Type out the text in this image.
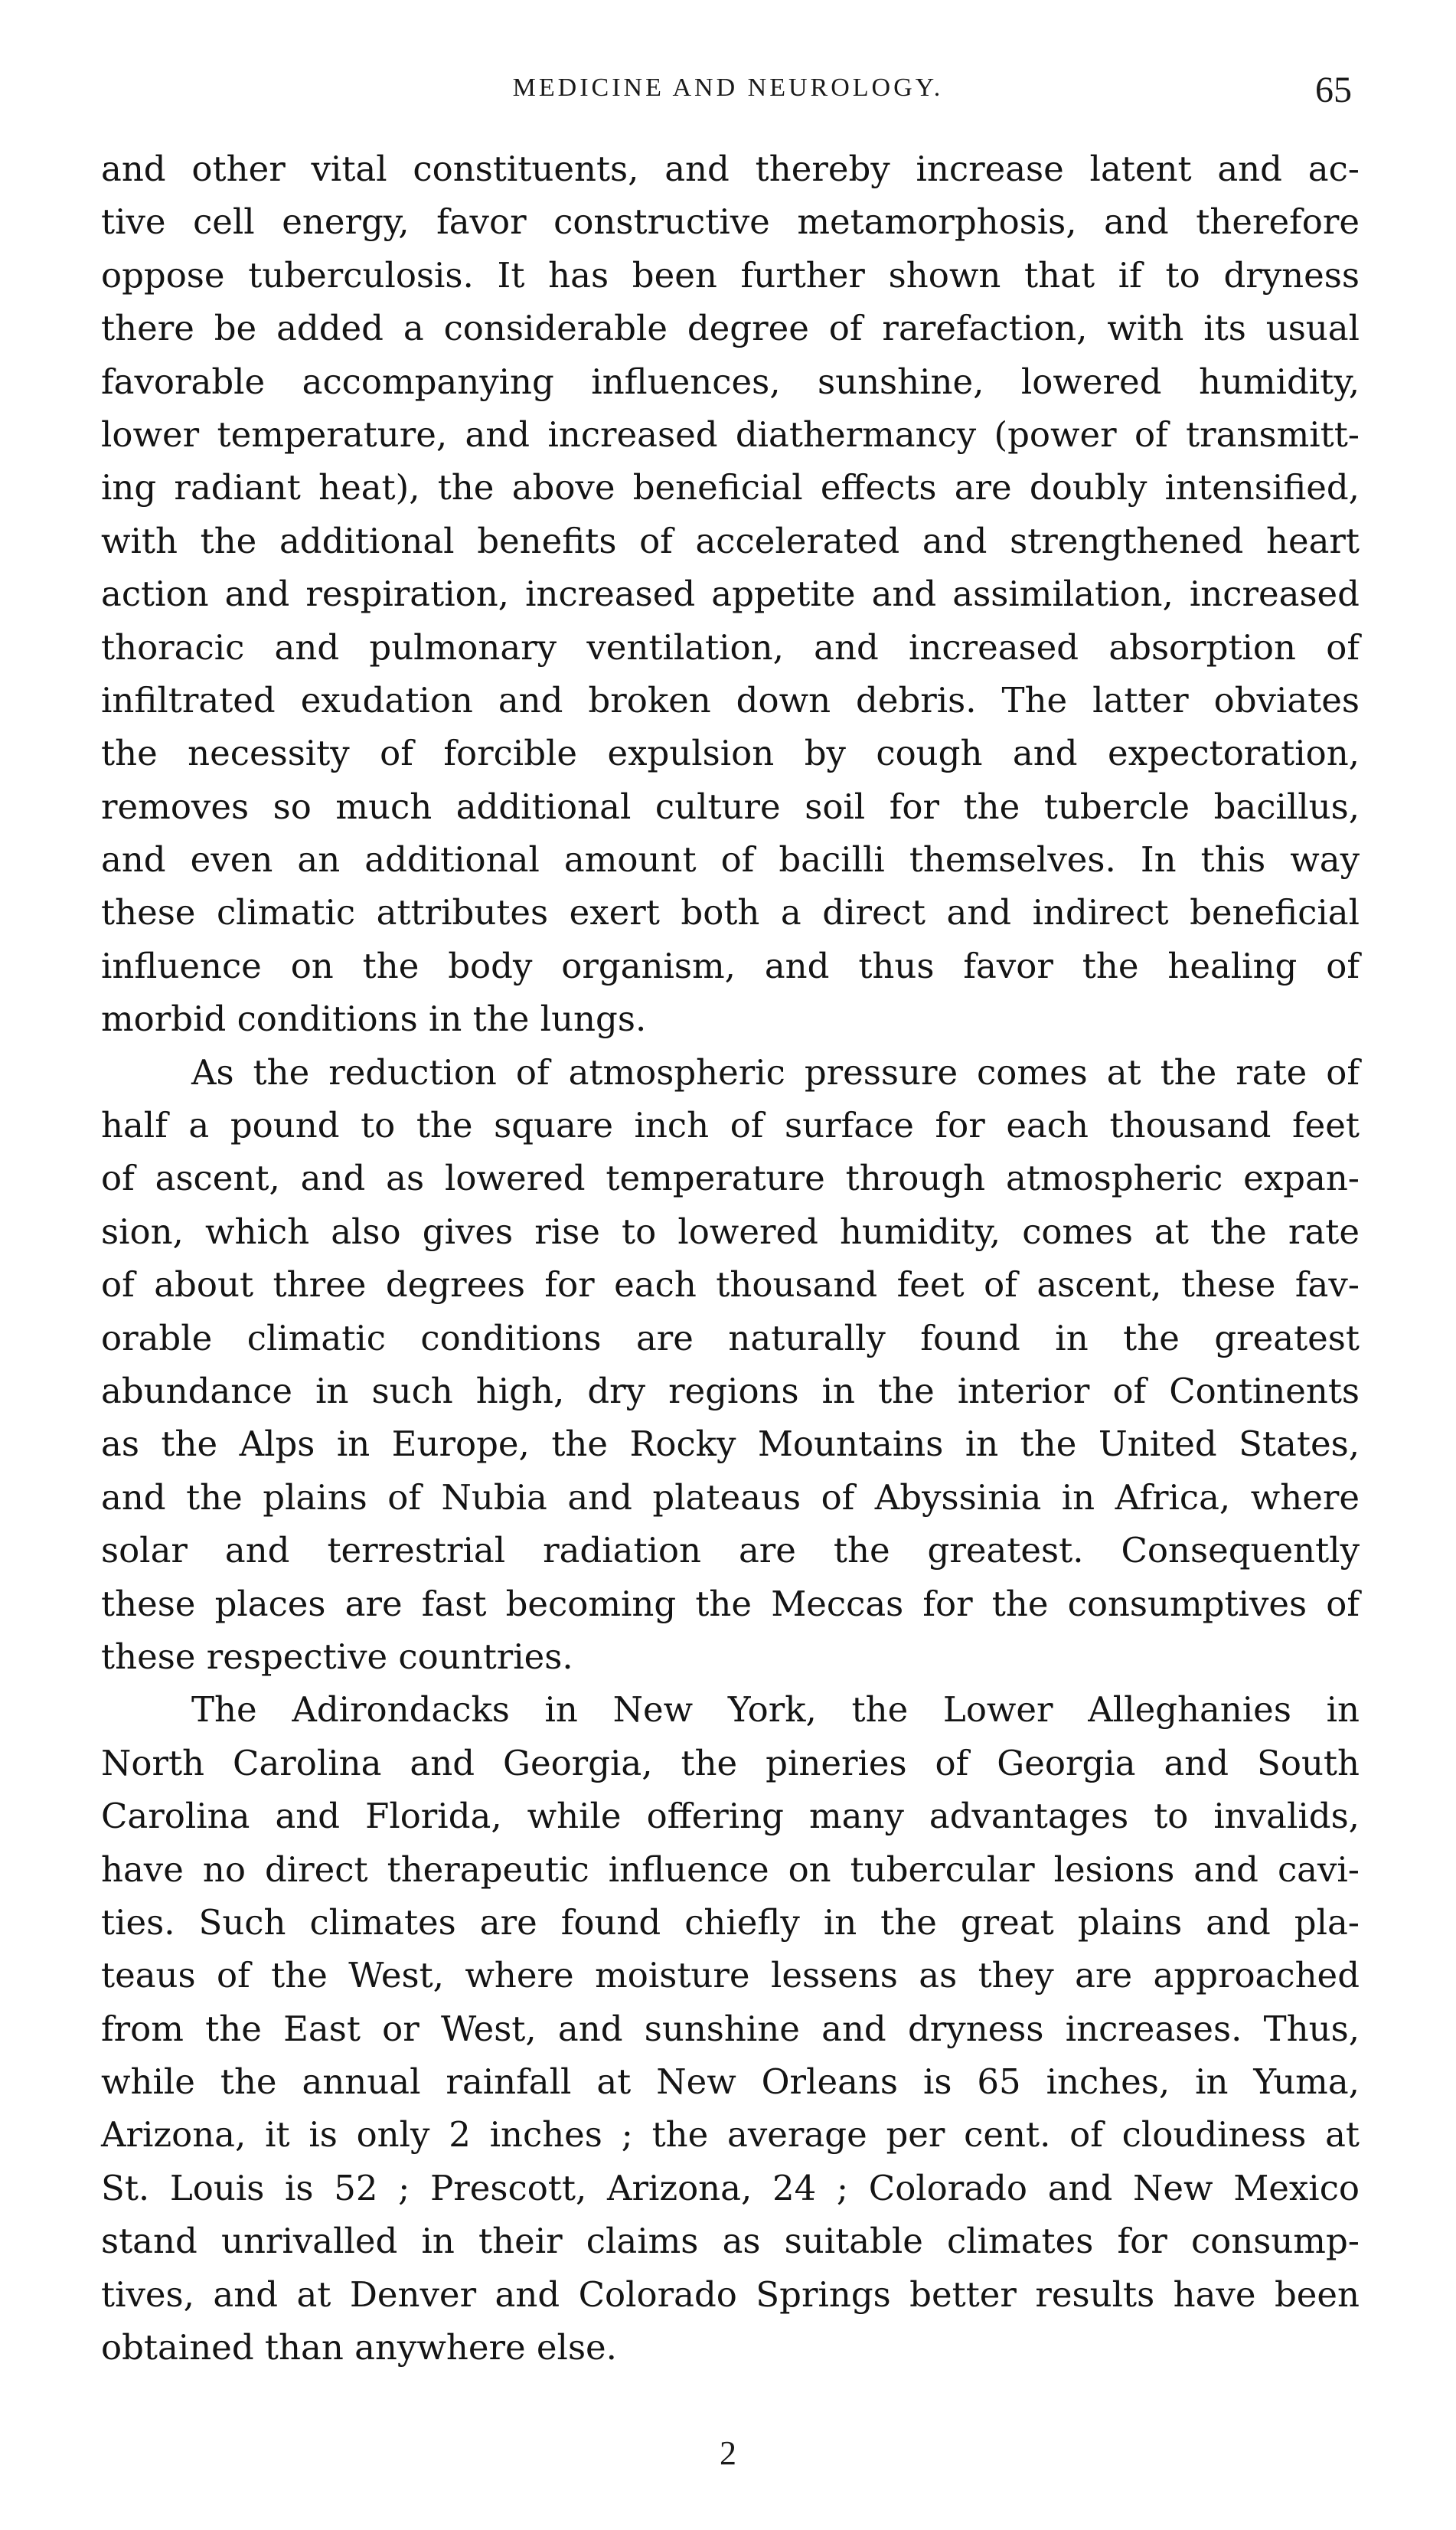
MEDICINE AND NEUROLOGY.	65
and other vital constituents, and thereby increase latent and ac-
tive cell energy, favor constructive metamorphosis, and therefore
oppose tuberculosis. It has been further shown that if to dryness
there be added a considerable degree of rarefaction, with its usual
favorable accompanying influences, sunshine, lowered humidity,
lower temperature, and increased diathermancy (power of transmitt-
ing radiant heat), the above beneficial effects are doubly intensified,
with the additional benefits of accelerated and strengthened heart
action and respiration, increased appetite and assimilation, increased
thoracic and pulmonary ventilation, and increased absorption of
infiltrated exudation and broken down debris. The latter obviates
the necessity of forcible expulsion by cough and expectoration,
removes so much additional culture soil for the tubercle bacillus,
and even an additional amount of bacilli themselves. In this way
these climatic attributes exert both a direct and indirect beneficial
influence on the body organism, and thus favor the healing of
morbid conditions in the lungs.
As the reduction of atmospheric pressure comes at the rate of
half a pound to the square inch of surface for each thousand feet
of ascent, and as lowered temperature through atmospheric expan-
sion, which also gives rise to lowered humidity, comes at the rate
of about three degrees for each thousand feet of ascent, these fav-
orable climatic conditions are naturally found in the greatest
abundance in such high, dry regions in the interior of Continents
as the Alps in Europe, the Rocky Mountains in the United States,
and the plains of Nubia and plateaus of Abyssinia in Africa, where
solar and terrestrial radiation are the greatest. Consequently
these places are fast becoming the Meccas for the consumptives of
these respective countries.
The Adirondacks in New York, the Lower Alleghanies in
North Carolina and Georgia, the pineries of Georgia and South
Carolina and Florida, while offering many advantages to invalids,
have no direct therapeutic influence on tubercular lesions and cavi-
ties. Such climates are found chiefly in the great plains and pla-
teaus of the West, where moisture lessens as they are approached
from the East or West, and sunshine and dryness increases. Thus,
while the annual rainfall at New Orleans is 65 inches, in Yuma,
Arizona, it is only 2 inches ; the average per cent. of cloudiness at
St. Louis is 52 ; Prescott, Arizona, 24 ; Colorado and New Mexico
stand unrivalled in their claims as suitable climates for consump-
tives, and at Denver and Colorado Springs better results have been
obtained than anywhere else.
2
